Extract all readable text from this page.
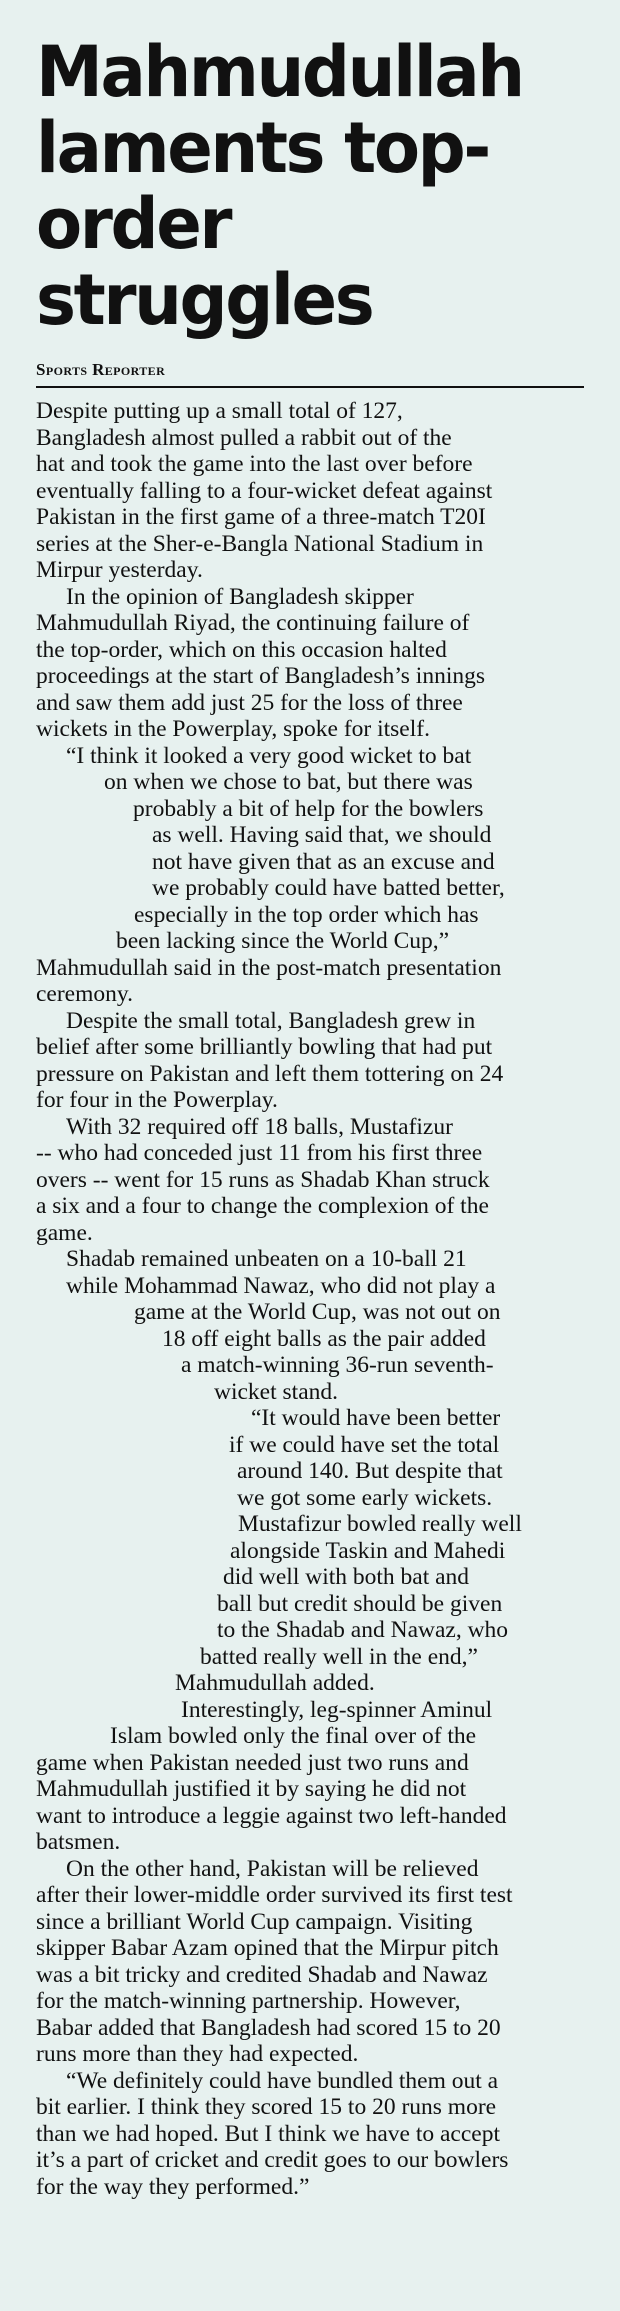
Mahmudullah
laments top-
order struggles
Sports Reporter
Despite putting up a small total of 127,
Bangladesh almost pulled a rabbit out of the
hat and took the game into the last over before
eventually falling to a four-wicket defeat against
Pakistan in the first game of a three-match T20I
series at the Sher-e-Bangla National Stadium in
Mirpur yesterday.
In the opinion of Bangladesh skipper
Mahmudullah Riyad, the continuing failure of
the top-order, which on this occasion halted
proceedings at the start of Bangladesh’s innings
and saw them add just 25 for the loss of three
wickets in the Powerplay, spoke for itself.
“I think it looked a very good wicket to bat
on when we chose to bat, but there was
probably a bit of help for the bowlers
as well. Having said that, we should
not have given that as an excuse and
we probably could have batted better,
especially in the top order which has
been lacking since the World Cup,”
Mahmudullah said in the post-match presentation
ceremony.
Despite the small total, Bangladesh grew in
belief after some brilliantly bowling that had put
pressure on Pakistan and left them tottering on 24
for four in the Powerplay.
With 32 required off 18 balls, Mustafizur
-- who had conceded just 11 from his first three
overs -- went for 15 runs as Shadab Khan struck
a six and a four to change the complexion of the
game.
Shadab remained unbeaten on a 10-ball 21
while Mohammad Nawaz, who did not play a
game at the World Cup, was not out on
18 off eight balls as the pair added
a match-winning 36-run seventh-
wicket stand.
“It would have been better
if we could have set the total
around 140. But despite that
we got some early wickets.
Mustafizur bowled really well
alongside Taskin and Mahedi
did well with both bat and
ball but credit should be given
to the Shadab and Nawaz, who
batted really well in the end,”
Mahmudullah added.
Interestingly, leg-spinner Aminul
Islam bowled only the final over of the
game when Pakistan needed just two runs and
Mahmudullah justified it by saying he did not
want to introduce a leggie against two left-handed
batsmen.
On the other hand, Pakistan will be relieved
after their lower-middle order survived its first test
since a brilliant World Cup campaign. Visiting
skipper Babar Azam opined that the Mirpur pitch
was a bit tricky and credited Shadab and Nawaz
for the match-winning partnership. However,
Babar added that Bangladesh had scored 15 to 20
runs more than they had expected.
“We definitely could have bundled them out a
bit earlier. I think they scored 15 to 20 runs more
than we had hoped. But I think we have to accept
it’s a part of cricket and credit goes to our bowlers
for the way they performed.”
